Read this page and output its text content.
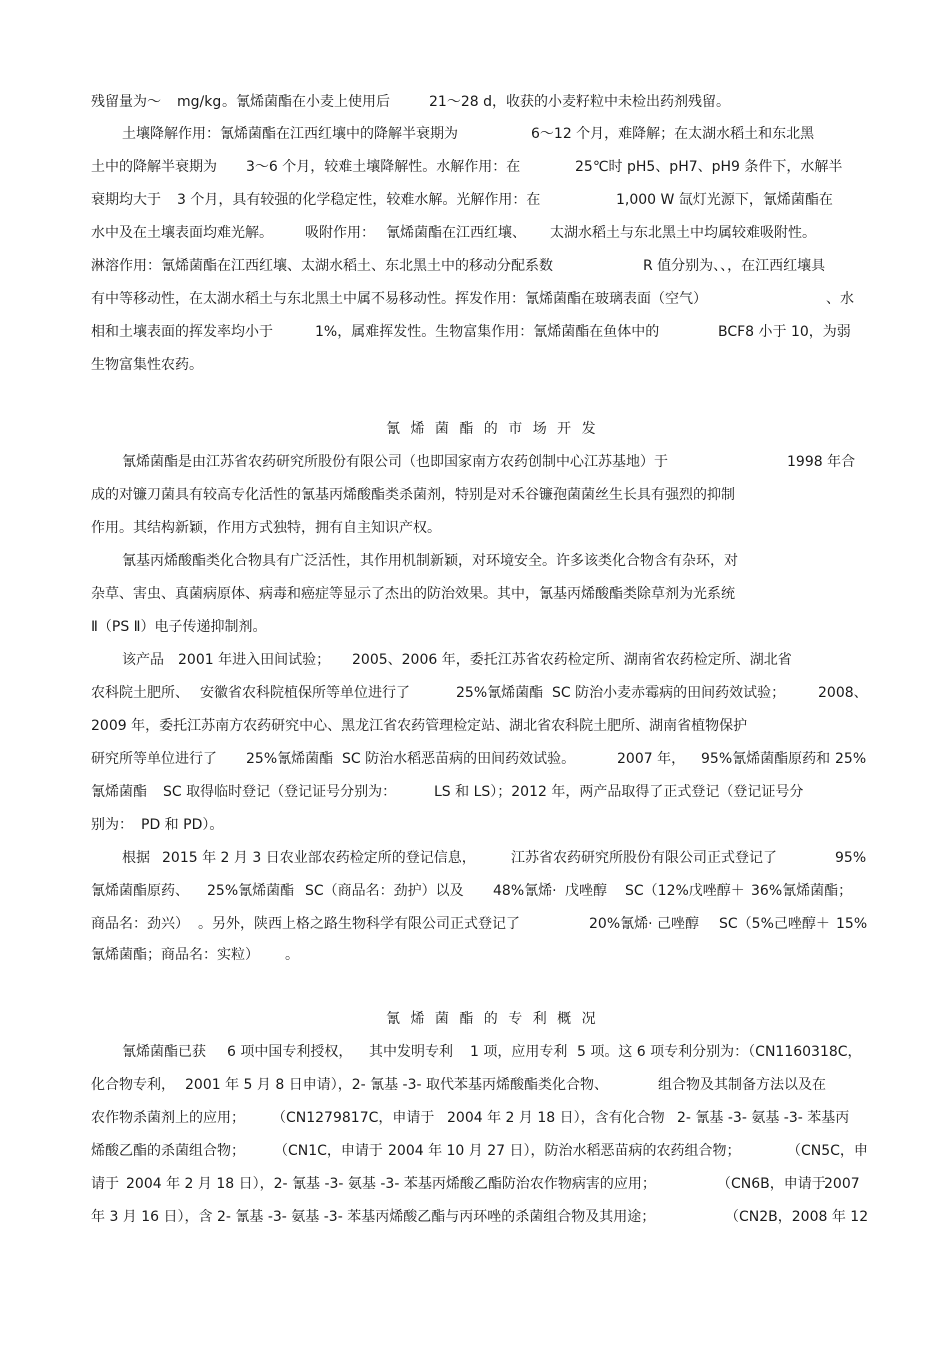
残留量为～ mg/kg 。氰烯菌酯在小麦上使用后	21～28 d，收获的小麦籽粒中未检出药剂残留。
土壤降解作用：氰烯菌酯在江西红壤中的降解半衰期为	6～12 个月，难降解；在太湖水稻土和东北黑
土中的降解半衰期为 3～6 个月，较难土壤降解性。水解作用：在	25℃时 pH5、pH7、pH9 条件下，水解半
衰期均大于 3 个月，具有较强的化学稳定性，较难水解。光解作用：在	1,000 W 氙灯光源下，氰烯菌酯在
水中及在土壤表面均难光解。 吸附作用： 氰烯菌酯在江西红壤、 太湖水稻土与东北黑土中均属较难吸附性。
淋溶作用：氰烯菌酯在江西红壤、太湖水稻土、东北黑土中的移动分配系数	R 值分别为、、，在江西红壤具
有中等移动性，在太湖水稻土与东北黑土中属不易移动性。挥发作用：氰烯菌酯在玻璃表面（空气）	、水
相和土壤表面的挥发率均小于	1%，属难挥发性。生物富集作用：氰烯菌酯在鱼体中的	BCF8 小于 10，为弱
生物富集性农药。
氰 烯 菌 酯 的 市 场 开 发
氰烯菌酯是由江苏省农药研究所股份有限公司（也即国家南方农药创制中心江苏基地）于	1998 年合
成的对镰刀菌具有较高专化活性的氰基丙烯酸酯类杀菌剂，特别是对禾谷镰孢菌菌丝生长具有强烈的抑制
作用。其结构新颖，作用方式独特，拥有自主知识产权。
氰基丙烯酸酯类化合物具有广泛活性，其作用机制新颖，对环境安全。许多该类化合物含有杂环，对
杂草、害虫、真菌病原体、病毒和癌症等显示了杰出的防治效果。其中，氰基丙烯酸酯类除草剂为光系统
Ⅱ（PS Ⅱ）电子传递抑制剂。
该产品 2001 年进入田间试验； 2005、2006 年，委托江苏省农药检定所、湖南省农药检定所、湖北省
农科院土肥所、 安徽省农科院植保所等单位进行了	25%氰烯菌酯 SC 防治小麦赤霉病的田间药效试验； 2008、
2009 年，委托江苏南方农药研究中心、黑龙江省农药管理检定站、湖北省农科院土肥所、湖南省植物保护
研究所等单位进行了 25%氰烯菌酯 SC 防治水稻恶苗病的田间药效试验。	2007 年， 95%氰烯菌酯原药和 25%
氰烯菌酯 SC 取得临时登记（登记证号分别为：	LS 和 LS）；2012 年，两产品取得了正式登记（登记证号分
别为： PD 和 PD）。
根据 2015 年 2 月 3 日农业部农药检定所的登记信息，	江苏省农药研究所股份有限公司正式登记了	95%
氰烯菌酯原药、 25%氰烯菌酯 SC（商品名：劲护）以及 48%氰烯· 戊唑醇 SC（12%戊唑醇＋ 36%氰烯菌酯；
商品名：劲兴） 。另外，陕西上格之路生物科学有限公司正式登记了	20%氰烯· 己唑醇 SC（5%己唑醇＋ 15%
氰烯菌酯；商品名：实粒） 。
氰 烯 菌 酯 的 专 利 概 况
氰烯菌酯已获 6 项中国专利授权， 其中发明专利 1 项，应用专利 5 项。这 6 项专利分别为：（CN1160318C，
化合物专利， 2001 年 5 月 8 日申请），2- 氰基 -3- 取代苯基丙烯酸酯类化合物、	组合物及其制备方法以及在
农作物杀菌剂上的应用； （CN1279817C，申请于 2004 年 2 月 18 日），含有化合物 2- 氰基 -3- 氨基 -3- 苯基丙
烯酸乙酯的杀菌组合物； （CN1C，申请于 2004 年 10 月 27 日），防治水稻恶苗病的农药组合物；	（CN5C，申
请于 2004 年 2 月 18 日），2- 氰基 -3- 氨基 -3- 苯基丙烯酸乙酯防治农作物病害的应用；	（CN6B，申请于
2007
年 3 月 16 日），含 2- 氰基 -3- 氨基 -3- 苯基丙烯酸乙酯与丙环唑的杀菌组合物及其用途；	（CN2B，2008 年 12
